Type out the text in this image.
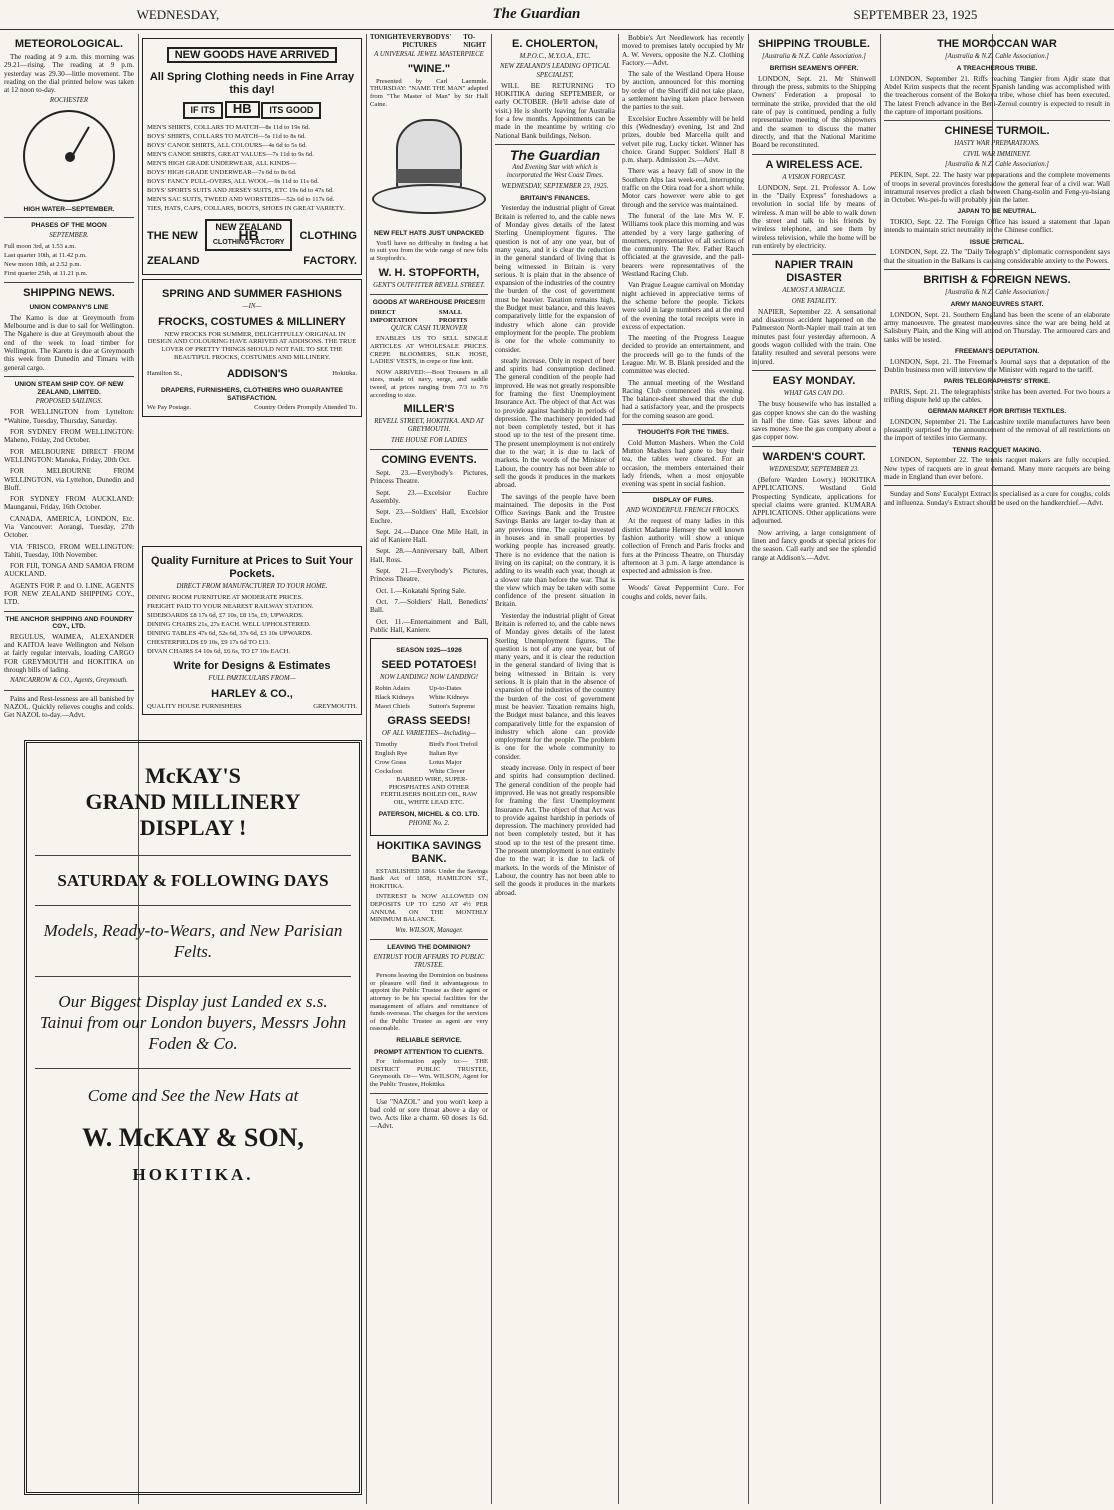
WEDNESDAY,	The Guardian	SEPTEMBER 23, 1925
METEOROLOGICAL.

The reading at 9 a.m. this morning was 29.21—rising. The reading at 9 p.m. yesterday was 29.30—little movement. The reading on the dial printed below was taken at 12 noon to-day.

ROCHESTER
HIGH WATER—SEPTEMBER.
PHASES OF THE MOON
SEPTEMBER.
Full moon 3rd, at 1.53 a.m.
Last quarter 10th, at 11.42 p.m.
New moon 18th, at 2.52 p.m.
First quarter 25th, at 11.21 p.m.
SHIPPING NEWS.
UNION COMPANY'S LINE

The Kamo is due at Greymouth from Melbourne and is due to sail for Wellington. The Ngahere is due at Greymouth about the end of the week to load timber for Wellington. The Karetu is due at Greymouth this week from Dunedin and Timaru with general cargo.

UNION STEAM SHIP COY. OF NEW ZEALAND, LIMITED.
PROPOSED SAILINGS.

FOR WELLINGTON from Lyttelton: *Wahine, Tuesday, Thursday, Saturday.

FOR SYDNEY FROM WELLINGTON: Maheno, Friday, 2nd October.

FOR MELBOURNE DIRECT FROM WELLINGTON: Manuka, Friday, 20th Oct.

FOR MELBOURNE FROM WELLINGTON, via Lyttelton, Dunedin and Bluff.

FOR SYDNEY FROM AUCKLAND: Maunganui, Friday, 16th October.

CANADA, AMERICA, LONDON, Etc. Via Vancouver: Aorangi, Tuesday, 27th October.

VIA 'FRISCO, FROM WELLINGTON: Tahiti, Tuesday, 10th November.

FOR FIJI, TONGA AND SAMOA FROM AUCKLAND.

AGENTS FOR P. and O. LINE. AGENTS FOR NEW ZEALAND SHIPPING COY., LTD.

THE ANCHOR SHIPPING AND FOUNDRY COY., LTD.

REGULUS, WAIMEA, ALEXANDER and KAITOA leave Wellington and Nelson at fairly regular intervals, loading CARGO FOR GREYMOUTH and HOKITIKA on through bills of lading.

NANCARROW & CO., Agents, Greymouth.

Pains and Rest-lessness are all banished by NAZOL. Quickly relieves coughs and colds. Get NAZOL to-day.—Advt.

NEW GOODS HAVE ARRIVED
All Spring Clothing needs in Fine Array this day!
IF ITS HB ITS GOOD
MEN'S SHIRTS, COLLARS TO MATCH—8s 11d to 19s 6d.
BOYS' SHIRTS, COLLARS TO MATCH—5s 11d to 8s 6d.
BOYS' CANOE SHIRTS, ALL COLOURS—4s 6d to 5s 6d.
MEN'S CANOE SHIRTS, GREAT VALUES—7s 11d to 9s 6d.
MEN'S HIGH GRADE UNDERWEAR, ALL KINDS—
BOYS' HIGH GRADE UNDERWEAR—7s 6d to 8s 6d.
BOYS' FANCY PULL-OVERS, ALL WOOL—9s 11d to 11s 6d.
BOYS' SPORTS SUITS AND JERSEY SUITS, ETC 19s 6d to 47s 6d.
MEN'S SAC SUITS, TWEED AND WORSTEDS—52s 6d to 117s 6d.
TIES, HATS, CAPS, COLLARS, BOOTS, SHOES IN GREAT VARIETY.
THE NEW
NEW ZEALAND
HB
CLOTHING FACTORY
CLOTHING
ZEALAND	FACTORY.
SPRING AND SUMMER FASHIONS
—IN—
FROCKS, COSTUMES & MILLINERY

NEW FROCKS FOR SUMMER, DELIGHTFULLY ORIGINAL IN DESIGN AND COLOURING HAVE ARRIVED AT ADDISONS. THE TRUE LOVER OF PRETTY THINGS SHOULD NOT FAIL TO SEE THE BEAUTIFUL FROCKS, COSTUMES AND MILLINERY.

Hamilton St.,	ADDISON'S	Hokitika.
DRAPERS, FURNISHERS, CLOTHIERS WHO GUARANTEE SATISFACTION.
We Pay Postage.	Country Orders Promptly Attended To.
Quality Furniture at Prices to Suit Your Pockets.
DIRECT FROM MANUFACTURER TO YOUR HOME.
DINING ROOM FURNITURE AT MODERATE PRICES.
FREIGHT PAID TO YOUR NEAREST RAILWAY STATION.
SIDEBOARDS £8 17s 6d, £7 10s, £8 15s, £9, UPWARDS.
DINING CHAIRS 21s, 27s EACH. WELL UPHOLSTERED.
DINING TABLES 47s 6d, 52s 6d, 37s 6d, £3 10s UPWARDS.
CHESTERFIELDS £9 10s, £9 17s 6d TO £13.
DIVAN CHAIRS £4 10s 6d, £6 6s, TO £7 10s EACH.
Write for Designs & Estimates
FULL PARTICULARS FROM—
HARLEY & CO.,
QUALITY HOUSE FURNISHERS	GREYMOUTH.
McKAY'S
GRAND MILLINERY
DISPLAY !
SATURDAY & FOLLOWING DAYS
Models, Ready-to-Wears, and New Parisian Felts.
Our Biggest Display just Landed ex s.s. Tainui from our London buyers, Messrs John Foden & Co.
Come and See the New Hats at
W. McKAY & SON,
HOKITIKA.
TONIGHT EVERYBODYS' PICTURES
TO-NIGHT
A UNIVERSAL JEWEL MASTERPIECE
"WINE."

Presented by Carl Laemmle. THURSDAY: "NAME THE MAN" adapted from "The Master of Man" by Sir Hall Caine.

NEW FELT HATS JUST UNPACKED

You'll have no difficulty in finding a hat to suit you from the wide range of new felts at Stopforth's.

W. H. STOPFORTH,
GENT'S OUTFITTER REVELL STREET.
GOODS AT WAREHOUSE PRICES!!!
DIRECT IMPORTATION
SMALL PROFITS
QUICK CASH TURNOVER

ENABLES US TO SELL SINGLE ARTICLES AT WHOLESALE PRICES. CREPE BLOOMERS, SILK HOSE, LADIES' VESTS, in crepe or fine knit.

NOW ARRIVED:—Boot Trousers in all sizes, made of navy, serge, and saddle tweed, at prices ranging from 7/3 to 7/6 according to size.

MILLER'S
REVELL STREET, HOKITIKA. AND AT GREYMOUTH.
THE HOUSE FOR LADIES
COMING EVENTS.

Sept. 23.—Everybody's Pictures, Princess Theatre.

Sept. 23.—Excelsior Euchre Assembly.

Sept. 23.—Soldiers' Hall, Excelsior Euchre.

Sept. 24.—Dance One Mile Hall, in aid of Kaniere Hall.

Sept. 28.—Anniversary ball, Albert Hall, Ross.

Sept. 21.—Everybody's Pictures, Princess Theatre.

Oct. 1.—Kokatahi Spring Sale.

Oct. 7.—Soldiers' Hall, Benedicts' Ball.

Oct. 11.—Entertainment and Ball, Public Hall, Kaniere.

SEASON 1925—1926
SEED POTATOES!
NOW LANDING! NOW LANDING!
Robin Adairs	Up-to-Dates
Black Kidneys	White Kidneys
Maori Chiefs	Sutton's Supreme
GRASS SEEDS!
OF ALL VARIETIES—Including—
Timothy	Bird's Foot Trefoil
English Rye	Italian Rye
Crow Grass	Lotus Major
Cocksfoot	White Clover

BARBED WIRE, SUPER-PHOSPHATES AND OTHER FERTILISERS BOILED OIL, RAW OIL, WHITE LEAD ETC.

PATERSON, MICHEL & CO. LTD.
PHONE No. 2.
HOKITIKA SAVINGS BANK.

ESTABLISHED 1866. Under the Savings Bank Act of 1858, HAMILTON ST., HOKITIKA.

INTEREST Is NOW ALLOWED ON DEPOSITS UP TO £250 AT 4½ PER ANNUM. ON THE MONTHLY MINIMUM BALANCE.

Wm. WILSON, Manager.
LEAVING THE DOMINION?
ENTRUST YOUR AFFAIRS TO PUBLIC TRUSTEE.

Persons leaving the Dominion on business or pleasure will find it advantageous to appoint the Public Trustee as their agent or attorney to be his special facilities for the management of affairs and remittance of funds overseas. The charges for the services of the Public Trustee as agent are very reasonable.

RELIABLE SERVICE.
PROMPT ATTENTION TO CLIENTS.

For information apply to:— THE DISTRICT PUBLIC TRUSTEE, Greymouth. Or— Wm. WILSON, Agent for the Public Trustee, Hokitika.

Use "NAZOL" and you won't keep a bad cold or sore throat above a day or two. Acts like a charm. 60 doses 1s 6d.—Advt.

E. CHOLERTON,
M.P.O.C., M.Y.O.A., ETC.
NEW ZEALAND'S LEADING OPTICAL SPECIALIST,

WILL BE RETURNING TO HOKITIKA during SEPTEMBER, or early OCTOBER. (He'll advise date of visit.) He is shortly leaving for Australia for a few months. Appointments can be made in the meantime by writing c/o National Bank buildings, Nelson.

The Guardian
And Evening Star with which is incorporated the West Coast Times.
WEDNESDAY, SEPTEMBER 23, 1925.
BRITAIN'S FINANCES.

Yesterday the industrial plight of Great Britain is referred to, and the cable news of Monday gives details of the latest Sterling Unemployment figures. The question is not of any one year, but of many years, and it is clear the reduction in the general standard of living that is being witnessed in Britain is very serious. It is plain that in the absence of expansion of the industries of the country the burden of the cost of government must be heavier. Taxation remains high, the Budget must balance, and this leaves comparatively little for the expansion of industry which alone can provide employment for the people. The problem is one for the whole community to consider.

steady increase. Only in respect of beer and spirits had consumption declined. The general condition of the people had improved. He was not greatly responsible for framing the first Unemployment Insurance Act. The object of that Act was to provide against hardship in periods of depression. The machinery provided had not been completely tested, but it has stood up to the test of the present time. The present unemployment is not entirely due to the war; it is due to lack of markets. In the words of the Minister of Labour, the country has not been able to sell the goods it produces in the markets abroad.

The savings of the people have been maintained. The deposits in the Post Office Savings Bank and the Trustee Savings Banks are larger to-day than at any previous time. The capital invested in houses and in small properties by working people has increased greatly. There is no evidence that the nation is living on its capital; on the contrary, it is adding to its wealth each year, though at a slower rate than before the war. That is the view which may be taken with some confidence of the present situation in Britain.

Yesterday the industrial plight of Great Britain is referred to, and the cable news of Monday gives details of the latest Sterling Unemployment figures. The question is not of any one year, but of many years, and it is clear the reduction in the general standard of living that is being witnessed in Britain is very serious. It is plain that in the absence of expansion of the industries of the country the burden of the cost of government must be heavier. Taxation remains high, the Budget must balance, and this leaves comparatively little for the expansion of industry which alone can provide employment for the people. The problem is one for the whole community to consider.

steady increase. Only in respect of beer and spirits had consumption declined. The general condition of the people had improved. He was not greatly responsible for framing the first Unemployment Insurance Act. The object of that Act was to provide against hardship in periods of depression. The machinery provided had not been completely tested, but it has stood up to the test of the present time. The present unemployment is not entirely due to the war; it is due to lack of markets. In the words of the Minister of Labour, the country has not been able to sell the goods it produces in the markets abroad.

Bobbie's Art Needlework has recently moved to premises lately occupied by Mr A. W. Vevers, opposite the N.Z. Clothing Factory.—Advt.

The sale of the Westland Opera House by auction, announced for this morning by order of the Sheriff did not take place, a settlement having taken place between the parties to the suit.

Excelsior Euchre Assembly will be held this (Wednesday) evening, 1st and 2nd prizes, double bed Marcella quilt and velvet pile rug, Lucky ticket. Winner has choice. Grand Supper. Soldiers' Hall 8 p.m. sharp. Admission 2s.—Advt.

There was a heavy fall of snow in the Southern Alps last week-end, interrupting traffic on the Otira road for a short while. Motor cars however were able to get through and the service was maintained.

The funeral of the late Mrs W. F. Williams took place this morning and was attended by a very large gathering of mourners, representative of all sections of the community. The Rev. Father Rauch officiated at the graveside, and the pall-bearers were representatives of the Westland Racing Club.

Van Prague League carnival on Monday night achieved in appreciative terms of the scheme before the people. Tickets were sold in large numbers and at the end of the evening the total receipts were in excess of expectation.

The meeting of the Progress League decided to provide an entertainment, and the proceeds will go to the funds of the League. Mr. W. B. Blank presided and the committee was elected.

The annual meeting of the Westland Racing Club commenced this evening. The balance-sheet showed that the club had a satisfactory year, and the prospects for the coming season are good.

THOUGHTS FOR THE TIMES.

Cold Mutton Mashers. When the Cold Mutton Mashers had gone to buy their tea, the tables were cleared. For an occasion, the members entertained their lady friends, when a most enjoyable evening was spent in social fashion.

DISPLAY OF FURS.
AND WONDERFUL FRENCH FROCKS.

At the request of many ladies in this district Madame Hemsey the well known fashion authority will show a unique collection of French and Paris frocks and furs at the Princess Theatre, on Thursday afternoon at 3 p.m. A large attendance is expected and admission is free.

Woods' Great Peppermint Cure. For coughs and colds, never fails.

SHIPPING TROUBLE.
[Australia & N.Z. Cable Association.]
BRITISH SEAMEN'S OFFER.

LONDON, Sept. 21. Mr Shinwell through the press, submits to the Shipping Owners' Federation a proposal to terminate the strike, provided that the old rate of pay is continued, pending a fully representative meeting of the shipowners and the seamen to discuss the matter directly, and that the National Maritime Board be reconstituted.

A WIRELESS ACE.
A VISION FORECAST.

LONDON, Sept. 21. Professor A. Low in the "Daily Express" foreshadows a revolution in social life by means of wireless. A man will be able to walk down the street and talk to his friends by wireless telephone, and see them by wireless television, while the home will be run entirely by electricity.

NAPIER TRAIN DISASTER
ALMOST A MIRACLE.
ONE FATALITY.

NAPIER, September 22. A sensational and disastrous accident happened on the Palmerston North-Napier mail train at ten minutes past four yesterday afternoon. A goods wagon collided with the train. One fatality resulted and several persons were injured.

EASY MONDAY.
WHAT GAS CAN DO.

The busy housewife who has installed a gas copper knows she can do the washing in half the time. Gas saves labour and saves money. See the gas company about a gas copper now.

WARDEN'S COURT.
WEDNESDAY, SEPTEMBER 23.

(Before Warden Lowry.) HOKITIKA APPLICATIONS. Westland Gold Prospecting Syndicate, applications for special claims were granted. KUMARA APPLICATIONS. Other applications were adjourned.

Now arriving, a large consignment of linen and fancy goods at special prices for the season. Call early and see the splendid range at Addison's.—Advt.

THE MOROCCAN WAR
[Australia & N.Z. Cable Association.]
A TREACHEROUS TRIBE.

LONDON, September 21. Riffs reaching Tangier from Ajdir state that Abdel Krim suspects that the recent Spanish landing was accomplished with the treacherous consent of the Bokoya tribe, whose chief has been executed. The latest French advance in the Beni-Zeroul country is expected to result in the capture of important positions.

CHINESE TURMOIL.
HASTY WAR PREPARATIONS.
CIVIL WAR IMMINENT.
[Australia & N.Z. Cable Association.]

PEKIN, Sept. 22. The hasty war preparations and the complete movements of troops in several provinces foreshadow the general fear of a civil war. Wall intramural reserves predict a clash between Chang-tsolin and Feng-yu-hsiang in October. Wu-pei-fu will probably join the latter.

JAPAN TO BE NEUTRAL.

TOKIO, Sept. 22. The Foreign Office has issued a statement that Japan intends to maintain strict neutrality in the Chinese conflict.

ISSUE CRITICAL.

LONDON, Sept. 22. The "Daily Telegraph's" diplomatic correspondent says that the situation in the Balkans is causing considerable anxiety to the Powers.

BRITISH & FOREIGN NEWS.
[Australia & N.Z. Cable Association.]
ARMY MANOEUVRES START.

LONDON, Sept. 21. Southern England has been the scene of an elaborate army manoeuvre. The greatest manoeuvres since the war are being held at Salisbury Plain, and the King will attend on Thursday. The armoured cars and tanks will be tested.

FREEMAN'S DEPUTATION.

LONDON, Sept. 21. The Freeman's Journal says that a deputation of the Dublin business men will interview the Minister with regard to the tariff.

PARIS TELEGRAPHISTS' STRIKE.

PARIS, Sept. 21. The telegraphists' strike has been averted. For two hours a trifling dispute held up the cables.

GERMAN MARKET FOR BRITISH TEXTILES.

LONDON, September 21. The Lancashire textile manufacturers have been pleasantly surprised by the announcement of the removal of all restrictions on the import of textiles into Germany.

TENNIS RACQUET MAKING.

LONDON, September 22. The tennis racquet makers are fully occupied. New types of racquets are in great demand. Many more racquets are being made in England than ever before.

Sunday and Sons' Eucalypt Extract is specialised as a cure for coughs, colds and influenza. Sunday's Extract should be used on the handkerchief.—Advt.
